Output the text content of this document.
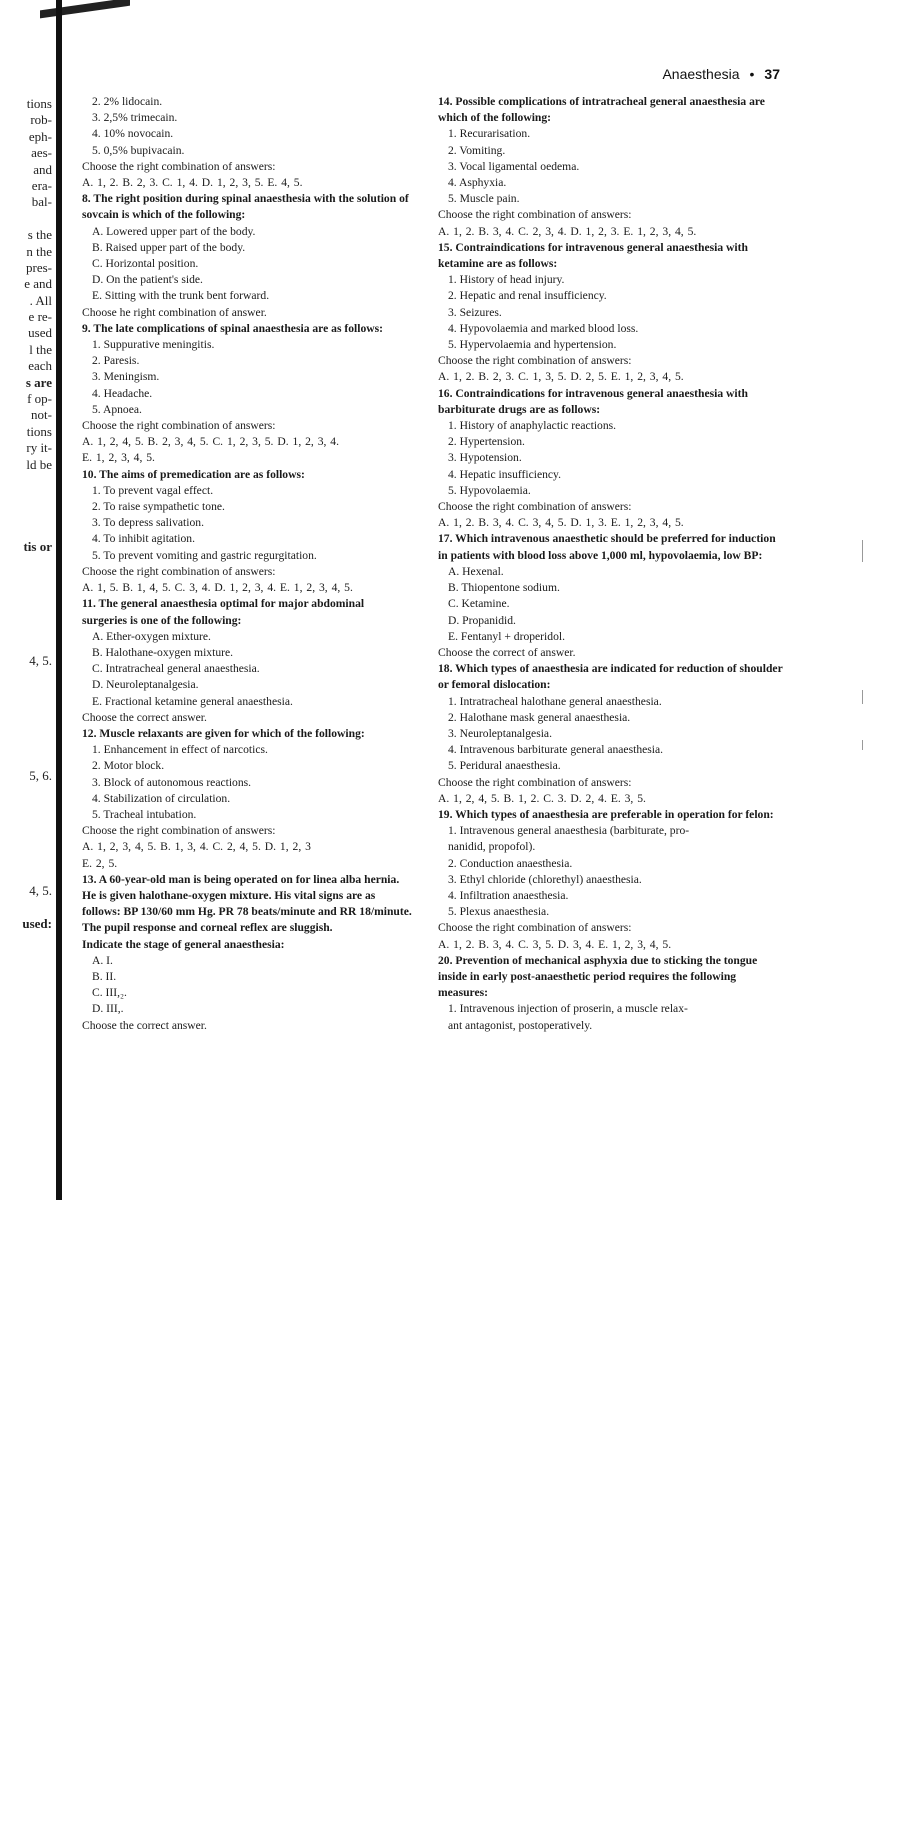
tions
rob-
eph-
aes-
and
era-
bal-
s the
n the
pres-
e and
. All
e re-
used
l the
each
s are
f op-
not-
tions
ry it-
ld be
tis or
4, 5.
5, 6.
4, 5.
used:
Anaesthesia • 37
2. 2% lidocain.
3. 2,5% trimecain.
4. 10% novocain.
5. 0,5% bupivacain.
Choose the right combination of answers:
A. 1, 2. B. 2, 3. C. 1, 4. D. 1, 2, 3, 5. E. 4, 5.
8. The right position during spinal anaesthesia with the solution of sovcain is which of the following:
A. Lowered upper part of the body.
B. Raised upper part of the body.
C. Horizontal position.
D. On the patient's side.
E. Sitting with the trunk bent forward.
Choose he right combination of answer.
9. The late complications of spinal anaesthesia are as follows:
1. Suppurative meningitis.
2. Paresis.
3. Meningism.
4. Headache.
5. Apnoea.
Choose the right combination of answers:
A. 1, 2, 4, 5. B. 2, 3, 4, 5. C. 1, 2, 3, 5. D. 1, 2, 3, 4.
E. 1, 2, 3, 4, 5.
10. The aims of premedication are as follows:
1. To prevent vagal effect.
2. To raise sympathetic tone.
3. To depress salivation.
4. To inhibit agitation.
5. To prevent vomiting and gastric regurgitation.
Choose the right combination of answers:
A. 1, 5. B. 1, 4, 5. C. 3, 4. D. 1, 2, 3, 4. E. 1, 2, 3, 4, 5.
11. The general anaesthesia optimal for major abdominal surgeries is one of the following:
A. Ether-oxygen mixture.
B. Halothane-oxygen mixture.
C. Intratracheal general anaesthesia.
D. Neuroleptanalgesia.
E. Fractional ketamine general anaesthesia.
Choose the correct answer.
12. Muscle relaxants are given for which of the following:
1. Enhancement in effect of narcotics.
2. Motor block.
3. Block of autonomous reactions.
4. Stabilization of circulation.
5. Tracheal intubation.
Choose the right combination of answers:
A. 1, 2, 3, 4, 5. B. 1, 3, 4. C. 2, 4, 5. D. 1, 2, 3
E. 2, 5.
13. A 60-year-old man is being operated on for linea alba hernia. He is given halothane-oxygen mixture. His vital signs are as follows: BP 130/60 mm Hg. PR 78 beats/minute and RR 18/minute. The pupil response and corneal reflex are sluggish.
Indicate the stage of general anaesthesia:
A. I.
B. II.
C. III,₂.
D. III,.
Choose the correct answer.
14. Possible complications of intratracheal general anaesthesia are which of the following:
1. Recurarisation.
2. Vomiting.
3. Vocal ligamental oedema.
4. Asphyxia.
5. Muscle pain.
Choose the right combination of answers:
A. 1, 2. B. 3, 4. C. 2, 3, 4. D. 1, 2, 3. E. 1, 2, 3, 4, 5.
15. Contraindications for intravenous general anaesthesia with ketamine are as follows:
1. History of head injury.
2. Hepatic and renal insufficiency.
3. Seizures.
4. Hypovolaemia and marked blood loss.
5. Hypervolaemia and hypertension.
Choose the right combination of answers:
A. 1, 2. B. 2, 3. C. 1, 3, 5. D. 2, 5. E. 1, 2, 3, 4, 5.
16. Contraindications for intravenous general anaesthesia with barbiturate drugs are as follows:
1. History of anaphylactic reactions.
2. Hypertension.
3. Hypotension.
4. Hepatic insufficiency.
5. Hypovolaemia.
Choose the right combination of answers:
A. 1, 2. B. 3, 4. C. 3, 4, 5. D. 1, 3. E. 1, 2, 3, 4, 5.
17. Which intravenous anaesthetic should be preferred for induction in patients with blood loss above 1,000 ml, hypovolaemia, low BP:
A. Hexenal.
B. Thiopentone sodium.
C. Ketamine.
D. Propanidid.
E. Fentanyl + droperidol.
Choose the correct of answer.
18. Which types of anaesthesia are indicated for reduction of shoulder or femoral dislocation:
1. Intratracheal halothane general anaesthesia.
2. Halothane mask general anaesthesia.
3. Neuroleptanalgesia.
4. Intravenous barbiturate general anaesthesia.
5. Peridural anaesthesia.
Choose the right combination of answers:
A. 1, 2, 4, 5. B. 1, 2. C. 3. D. 2, 4. E. 3, 5.
19. Which types of anaesthesia are preferable in operation for felon:
1. Intravenous general anaesthesia (barbiturate, pro-
nanidid, propofol).
2. Conduction anaesthesia.
3. Ethyl chloride (chlorethyl) anaesthesia.
4. Infiltration anaesthesia.
5. Plexus anaesthesia.
Choose the right combination of answers:
A. 1, 2. B. 3, 4. C. 3, 5. D. 3, 4. E. 1, 2, 3, 4, 5.
20. Prevention of mechanical asphyxia due to sticking the tongue inside in early post-anaesthetic period requires the following measures:
1. Intravenous injection of proserin, a muscle relax-
ant antagonist, postoperatively.
